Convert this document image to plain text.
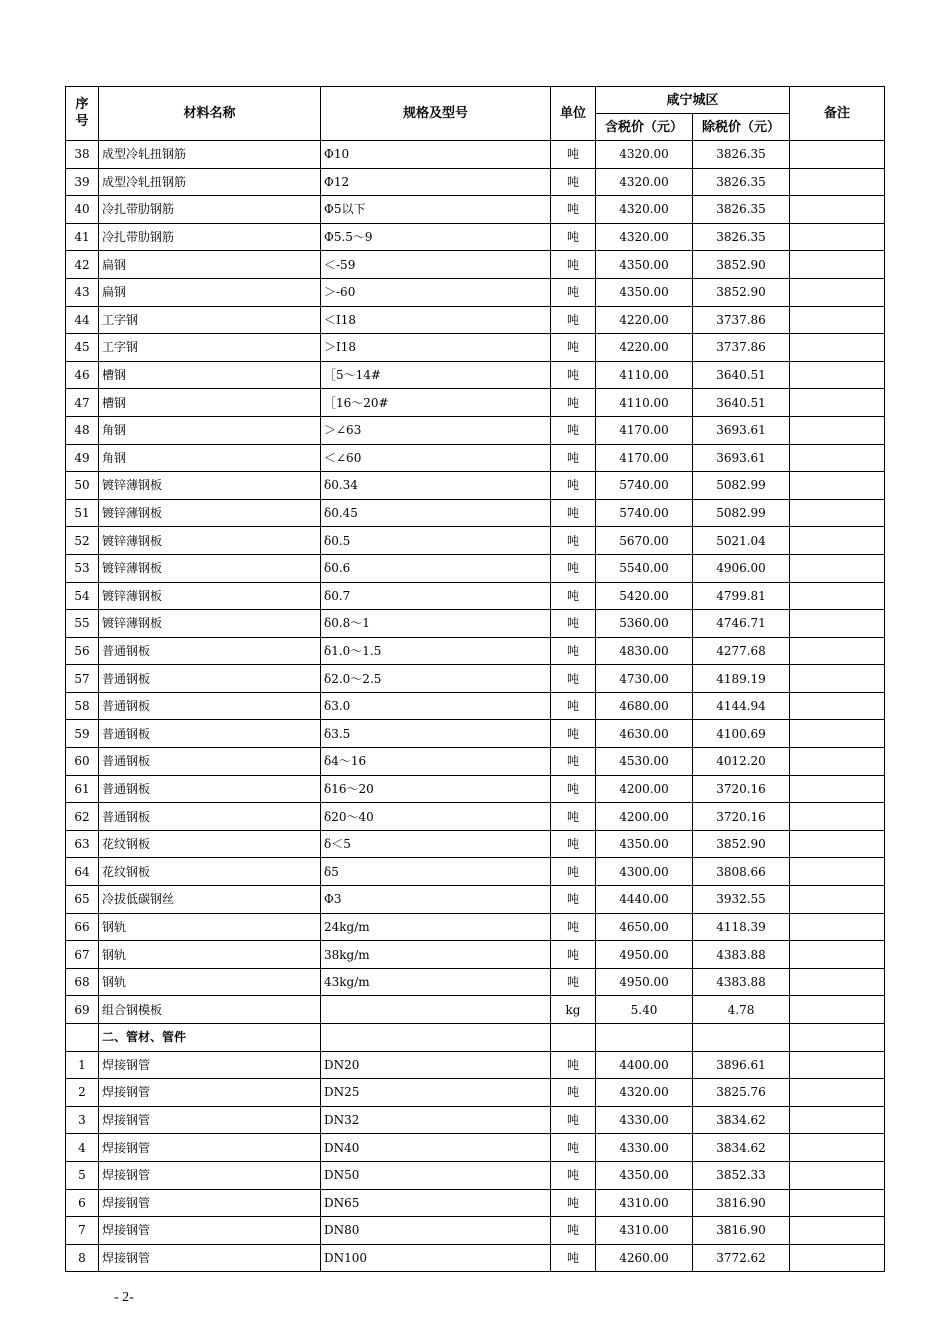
序号	材料名称	规格及型号	单位	咸宁城区		备注
				含税价（元）	除税价（元）	
38	成型冷轧扭钢筋	Φ10	吨	4320.00	3826.35	
39	成型冷轧扭钢筋	Φ12	吨	4320.00	3826.35	
40	冷扎带肋钢筋	Φ5以下	吨	4320.00	3826.35	
41	冷扎带肋钢筋	Φ5.5～9	吨	4320.00	3826.35	
42	扁钢	＜-59	吨	4350.00	3852.90	
43	扁钢	＞-60	吨	4350.00	3852.90	
44	工字钢	＜Ⅰ18	吨	4220.00	3737.86	
45	工字钢	＞Ⅰ18	吨	4220.00	3737.86	
46	槽钢	［5～14#	吨	4110.00	3640.51	
47	槽钢	［16～20#	吨	4110.00	3640.51	
48	角钢	＞∠63	吨	4170.00	3693.61	
49	角钢	＜∠60	吨	4170.00	3693.61	
50	镀锌薄钢板	δ0.34	吨	5740.00	5082.99	
51	镀锌薄钢板	δ0.45	吨	5740.00	5082.99	
52	镀锌薄钢板	δ0.5	吨	5670.00	5021.04	
53	镀锌薄钢板	δ0.6	吨	5540.00	4906.00	
54	镀锌薄钢板	δ0.7	吨	5420.00	4799.81	
55	镀锌薄钢板	δ0.8～1	吨	5360.00	4746.71	
56	普通钢板	δ1.0～1.5	吨	4830.00	4277.68	
57	普通钢板	δ2.0～2.5	吨	4730.00	4189.19	
58	普通钢板	δ3.0	吨	4680.00	4144.94	
59	普通钢板	δ3.5	吨	4630.00	4100.69	
60	普通钢板	δ4～16	吨	4530.00	4012.20	
61	普通钢板	δ16～20	吨	4200.00	3720.16	
62	普通钢板	δ20～40	吨	4200.00	3720.16	
63	花纹钢板	δ＜5	吨	4350.00	3852.90	
64	花纹钢板	δ5	吨	4300.00	3808.66	
65	冷拔低碳钢丝	Φ3	吨	4440.00	3932.55	
66	钢轨	24kg/m	吨	4650.00	4118.39	
67	钢轨	38kg/m	吨	4950.00	4383.88	
68	钢轨	43kg/m	吨	4950.00	4383.88	
69	组合钢模板		kg	5.40	4.78	
	二、管材、管件					
1	焊接钢管	DN20	吨	4400.00	3896.61	
2	焊接钢管	DN25	吨	4320.00	3825.76	
3	焊接钢管	DN32	吨	4330.00	3834.62	
4	焊接钢管	DN40	吨	4330.00	3834.62	
5	焊接钢管	DN50	吨	4350.00	3852.33	
6	焊接钢管	DN65	吨	4310.00	3816.90	
7	焊接钢管	DN80	吨	4310.00	3816.90	
8	焊接钢管	DN100	吨	4260.00	3772.62	
- 2-
